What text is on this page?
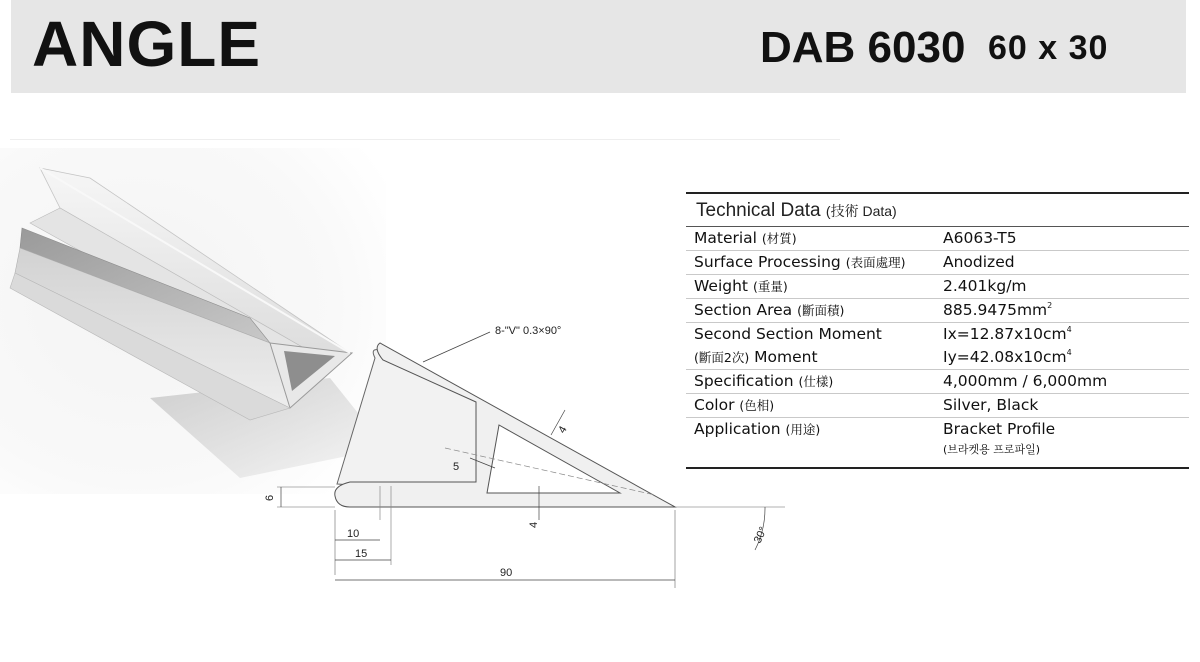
ANGLE	DAB 6030 60 x 30
8-"V" 0.3×90°
6
10
15
90
5
4
4
30°
Technical Data (技術 Data)
Material (材質)	A6063-T5
Surface Processing (表面處理) Anodized
Weight (重量)	2.401kg/m
Section Area (斷面積)	$885.9475mm^2$
Second Section Moment	$Ix=12.87x10cm^4$
(斷面2次) Moment	$Iy=42.08x10cm^4$
Specification (仕樣)	4,000mm / 6,000mm
Color (色相)	Silver, Black
Application (用途)	Bracket Profile
(브라켓용 프로파일)
